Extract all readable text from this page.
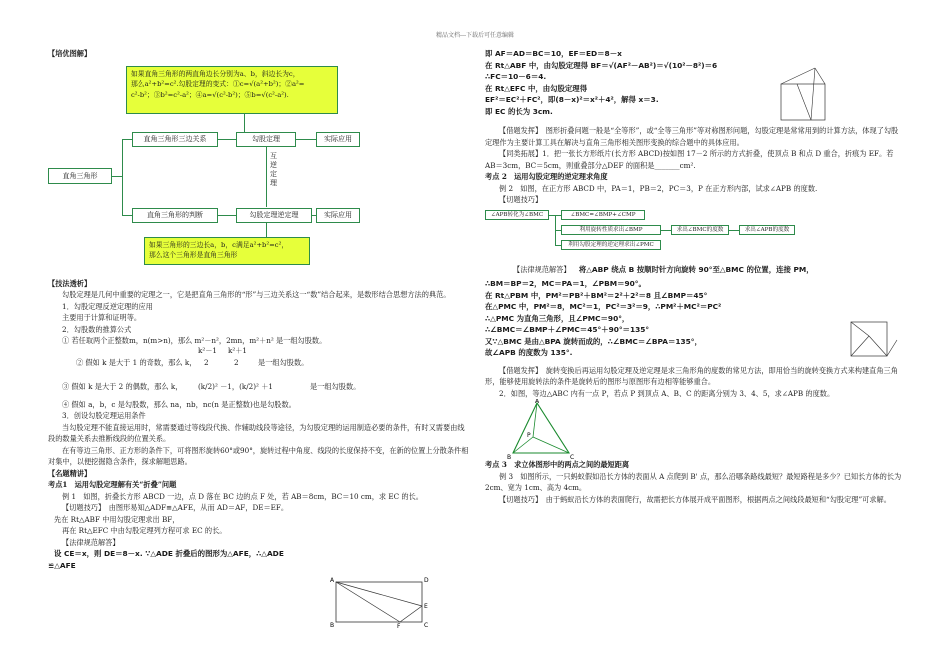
精品文档---下载后可任意编辑

【培优图解】

如果直角三角形的两直角边长分别为a、b，斜边长为c，
那么a²+b²=c².勾股定理的变式：①c=√(a²+b²)；②a²=
c²-b²；③b²=c²-a²；④a=√(c²-b²)；⑤b=√(c²-a²).
直角三角形
直角三角形三边关系	勾股定理	实际应用
互逆定理
直角三角形的判断	勾股定理逆定理	实际应用
如果三角形的三边长a，b，c满足a²+b²=c²，
那么这个三角形是直角三角形

【技法透析】

勾股定理是几何中重要的定理之一，它是把直角三角形的“形”与三边关系这一“数”结合起来，是数形结合思想方法的典范。

1．勾股定理反逆定理的应用

主要用于计算和证明等。

2．勾股数的推算公式

① 若任取两个正整数m，n(m>n)，那么 m²－n²，2mn，m²＋n² 是一组勾股数。

k²－1 k²＋1
② 假如 k 是大于 1 的奇数，那么 k， 2	2	是一组勾股数。
③ 假如 k 是大于 2 的偶数，那么 k， (k/2)² －1，(k/2)² ＋1	是一组勾股数。

④ 假如 a，b，c 是勾股数，那么 na，nb，nc(n 是正整数)也是勾股数。

3．创设勾股定理运用条件

当勾股定理不能直接运用时，常需要通过等线段代换、作辅助线段等途径，为勾股定理的运用制造必要的条件，有时又需要由线段的数量关系去推断线段的位置关系。

在有等边三角形、正方形的条件下，可将图形旋转60°或90°，旋转过程中角度、线段的长度保持不变，在新的位置上分散条件相对集中，以便挖掘隐含条件，探求解题思路。

【名题精讲】

考点1　运用勾股定理解有关“折叠”问题

例 1　如图，折叠长方形 ABCD 一边，点 D 落在 BC 边的点 F 处，若 AB＝8cm，BC＝10 cm，求 EC 的长。

【切题技巧】　由图形易知△ADF≌△AFE，从而 AD＝AF，DE＝EF。

先在 Rt△ABF 中用勾股定理求出 BF，

再在 Rt△EFC 中由勾股定理列方程可求 EC 的长。

【法律规范解答】

设 CE＝x，则 DE＝8－x. ∵△ADE 折叠后的图形为△AFE，∴△ADE

≌△AFE

A	D
E
B	F	C

即 AF＝AD＝BC＝10，EF＝ED＝8－x

在 Rt△ABF 中，由勾股定理得 BF＝√(AF²－AB²)＝√(10²－8²)＝6

∴FC＝10－6＝4.

在 Rt△EFC 中，由勾股定理得

EF²＝EC²＋FC²，即(8－x)²＝x²＋4²，解得 x＝3.

即 EC 的长为 3cm.

【借题发挥】　图形折叠问题一般是“全等形”，或“全等三角形”等对称图形问题，勾股定理是常常用到的计算方法，体现了勾股定理作为主要计算工具在解决与直角三角形相关图形变换的综合题中的具体应用。

【同类拓展】1．把一张长方形纸片(长方形 ABCD)按如图 17－2 所示的方式折叠，使顶点 B 和点 D 重合，折痕为 EF。若 AB＝3cm，BC＝5cm，则重叠部分△DEF 的面积是_______cm².

考点 2　运用勾股定理的逆定理求角度

例 2　如图，在正方形 ABCD 中，PA＝1，PB＝2，PC＝3，P 在正方形内部，试求∠APB 的度数.

【切题技巧】

∠APB转化为∠BMC	∠BMC=∠BMP+∠CMP
利用旋转性质求出∠BMP	求出∠BMC的度数	求出∠APB的度数
利用勾股定理的逆定理求出∠PMC

【法律规范解答】 将△ABP 绕点 B 按顺时针方向旋转 90°至△BMC 的位置，连接 PM，

∴BM＝BP＝2，MC＝PA＝1，∠PBM＝90°。

在 Rt△PBM 中，PM²＝PB²＋BM²＝2²＋2²＝8 且∠BMP＝45°

在△PMC 中，PM²＝8，MC²＝1，PC²＝3²＝9，∴PM²＋MC²＝PC²

∴△PMC 为直角三角形，且∠PMC＝90°，

∴∠BMC＝∠BMP＋∠PMC＝45°＋90°＝135°

又∵△BMC 是由△BPA 旋转而成的，∴∠BMC＝∠BPA＝135°，

故∠APB 的度数为 135°.

【借题发挥】　旋转变换后再运用勾股定理及逆定理是求三角形角的度数的常见方法，即用恰当的旋转变换方式来构建直角三角形，能够使用旋转法的条件是旋转后的图形与原图形有边相等能够重合。

2．如图，等边△ABC 内有一点 P，若点 P 到顶点 A、B、C 的距离分别为 3、4、5，求∠APB 的度数。

A
P
B	C

考点 3　求立体图形中的两点之间的最短距离

例 3　如图所示，一只蚂蚁假如沿长方体的表面从 A 点爬到 B' 点，那么沿哪条路线最短？最短路程是多少？已知长方体的长为 2cm、宽为 1cm、高为 4cm。

【切题技巧】　由于蚂蚁沿长方体的表面爬行，故需把长方体展开成平面图形，根据两点之间线段最短和“勾股定理”可求解。
